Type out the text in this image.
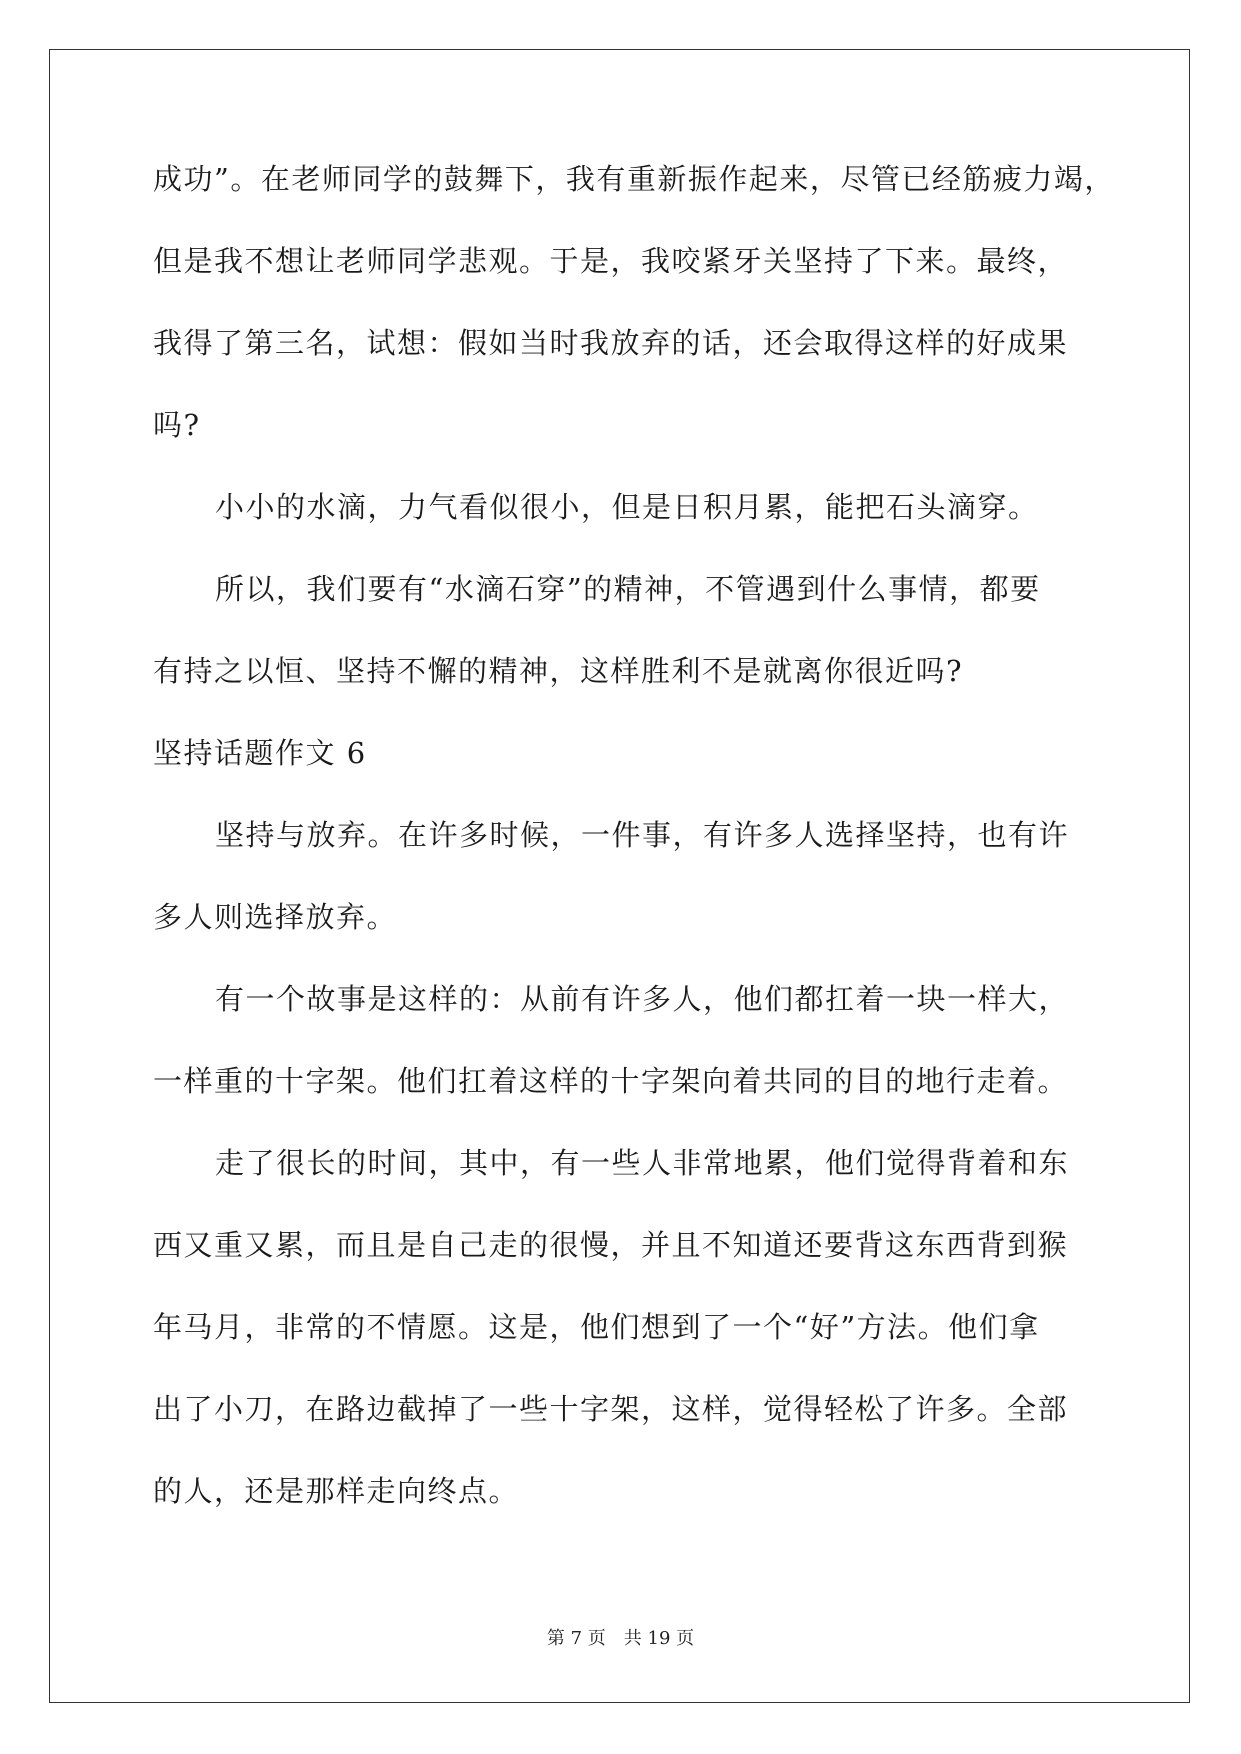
成功”。在老师同学的鼓舞下，我有重新振作起来，尽管已经筋疲力竭，
但是我不想让老师同学悲观。于是，我咬紧牙关坚持了下来。最终，
我得了第三名，试想：假如当时我放弃的话，还会取得这样的好成果
吗?
小小的水滴，力气看似很小，但是日积月累，能把石头滴穿。
所以，我们要有“水滴石穿”的精神，不管遇到什么事情，都要
有持之以恒、坚持不懈的精神，这样胜利不是就离你很近吗?
坚持话题作文 6
坚持与放弃。在许多时候，一件事，有许多人选择坚持，也有许
多人则选择放弃。
有一个故事是这样的：从前有许多人，他们都扛着一块一样大，
一样重的十字架。他们扛着这样的十字架向着共同的目的地行走着。
走了很长的时间，其中，有一些人非常地累，他们觉得背着和东
西又重又累，而且是自己走的很慢，并且不知道还要背这东西背到猴
年马月，非常的不情愿。这是，他们想到了一个“好”方法。他们拿
出了小刀，在路边截掉了一些十字架，这样，觉得轻松了许多。全部
的人，还是那样走向终点。
第 7 页　共 19 页
